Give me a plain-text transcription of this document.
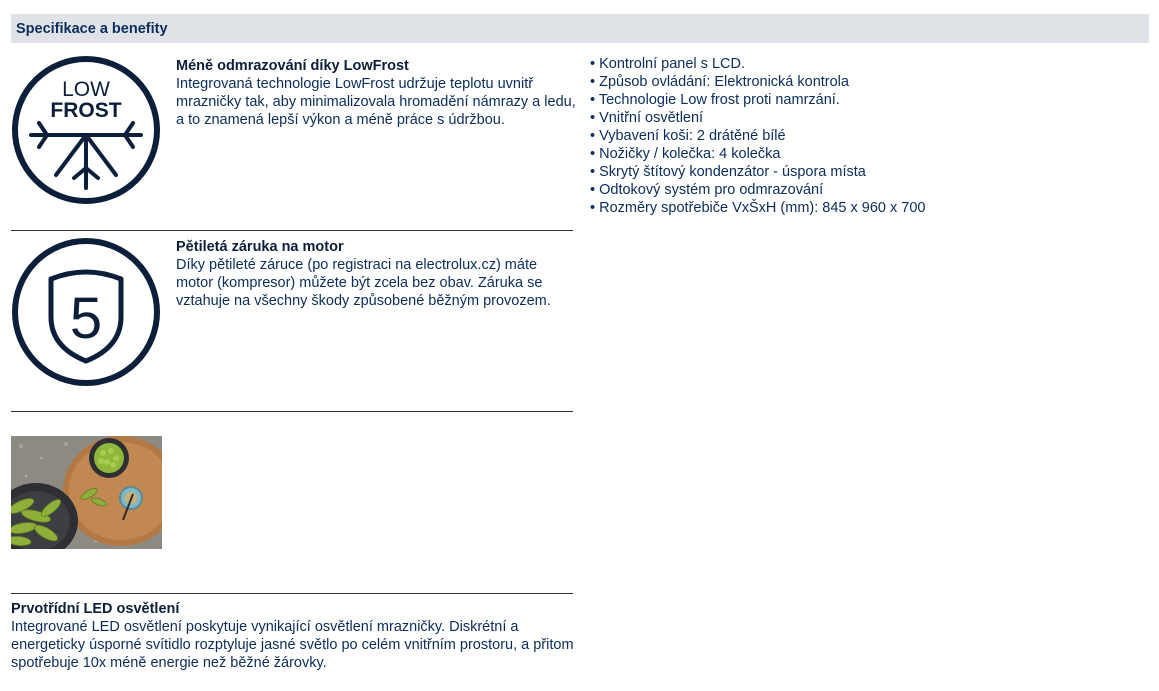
Specifikace a benefity
LOW
FROST
Méně odmrazování díky LowFrost
Integrovaná technologie LowFrost udržuje teplotu uvnitř mrazničky tak, aby minimalizovala hromadění námrazy a ledu, a to znamená lepší výkon a méně práce s údržbou.
5
Pětiletá záruka na motor
Díky pětileté záruce (po registraci na electrolux.cz) máte motor (kompresor) můžete být zcela bez obav. Záruka se vztahuje na všechny škody způsobené běžným provozem.
Prvotřídní LED osvětlení
Integrované LED osvětlení poskytuje vynikající osvětlení mrazničky. Diskrétní a energeticky úsporné svítidlo rozptyluje jasné světlo po celém vnitřním prostoru, a přitom spotřebuje 10x méně energie než běžné žárovky.
• Kontrolní panel s LCD.
• Způsob ovládání: Elektronická kontrola
• Technologie Low frost proti namrzání.
• Vnitřní osvětlení
• Vybavení koši: 2 drátěné bílé
• Nožičky / kolečka: 4 kolečka
• Skrytý štítový kondenzátor - úspora místa
• Odtokový systém pro odmrazování
• Rozměry spotřebiče VxŠxH (mm): 845 x 960 x 700
